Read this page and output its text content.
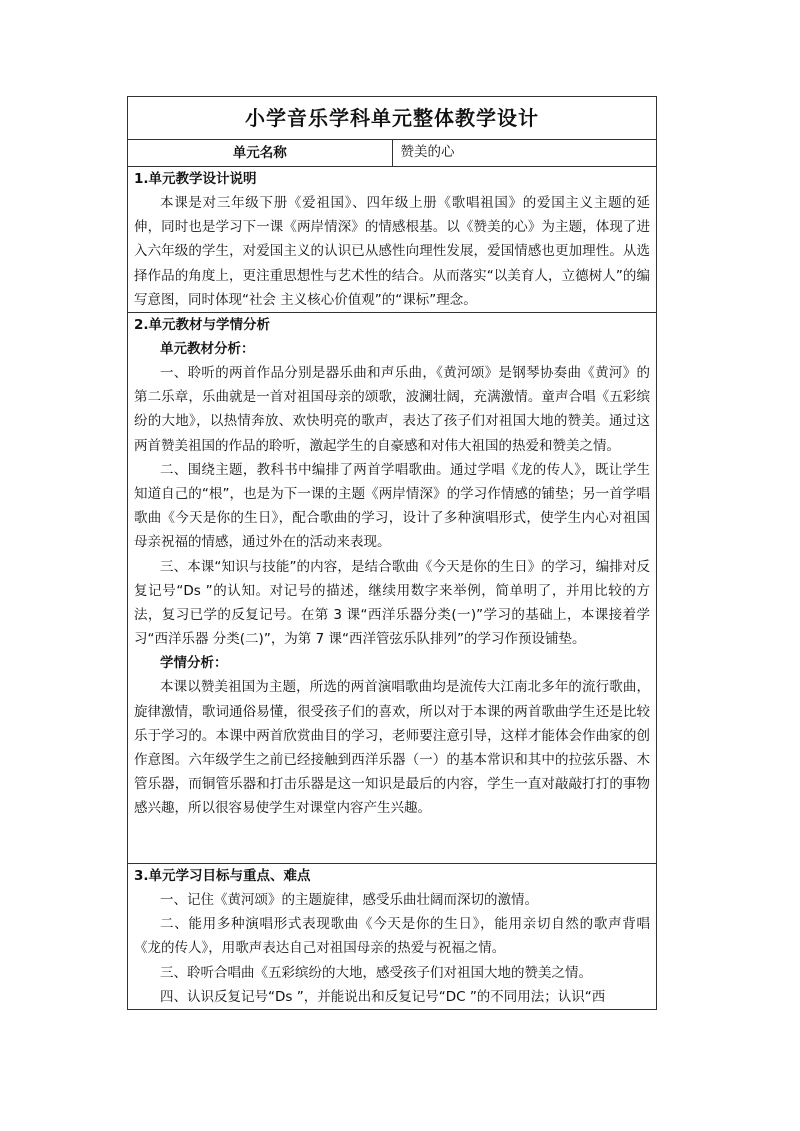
小学音乐学科单元整体教学设计
单元名称	赞美的心

1.单元教学设计说明

本课是对三年级下册《爱祖国》、四年级上册《歌唱祖国》的爱国主义主题的延伸，同时也是学习下一课《两岸情深》的情感根基。以《赞美的心》为主题，体现了进入六年级的学生，对爱国主义的认识已从感性向理性发展，爱国情感也更加理性。从选择作品的角度上，更注重思想性与艺术性的结合。从而落实“以美育人，立德树人”的编写意图，同时体现“社会 主义核心价值观”的“课标”理念。

2.单元教材与学情分析
单元教材分析：

一、聆听的两首作品分别是器乐曲和声乐曲，《黄河颂》是钢琴协奏曲《黄河》的第二乐章，乐曲就是一首对祖国母亲的颂歌，波澜壮阔，充满激情。童声合唱《五彩缤纷的大地》，以热情奔放、欢快明亮的歌声，表达了孩子们对祖国大地的赞美。通过这两首赞美祖国的作品的聆听，激起学生的自豪感和对伟大祖国的热爱和赞美之情。

二、围绕主题，教科书中编排了两首学唱歌曲。通过学唱《龙的传人》，既让学生知道自己的“根”，也是为下一课的主题《两岸情深》的学习作情感的铺垫；另一首学唱歌曲《今天是你的生日》，配合歌曲的学习，设计了多种演唱形式，使学生内心对祖国母亲祝福的情感，通过外在的活动来表现。

三、本课“知识与技能”的内容，是结合歌曲《今天是你的生日》的学习，编排对反复记号“Ds ”的认知。对记号的描述，继续用数字来举例，简单明了，并用比较的方法，复习已学的反复记号。在第 3 课“西洋乐器分类(一)”学习的基础上，本课接着学习“西洋乐器 分类(二)”，为第 7 课“西洋管弦乐队排列”的学习作预设铺垫。

学情分析：

本课以赞美祖国为主题，所选的两首演唱歌曲均是流传大江南北多年的流行歌曲，旋律激情，歌词通俗易懂，很受孩子们的喜欢，所以对于本课的两首歌曲学生还是比较乐于学习的。本课中两首欣赏曲目的学习，老师要注意引导，这样才能体会作曲家的创作意图。六年级学生之前已经接触到西洋乐器（一）的基本常识和其中的拉弦乐器、木管乐器，而铜管乐器和打击乐器是这一知识是最后的内容，学生一直对敲敲打打的事物感兴趣，所以很容易使学生对课堂内容产生兴趣。

3.单元学习目标与重点、难点

一、记住《黄河颂》的主题旋律，感受乐曲壮阔而深切的激情。

二、能用多种演唱形式表现歌曲《今天是你的生日》，能用亲切自然的歌声背唱《龙的传人》，用歌声表达自己对祖国母亲的热爱与祝福之情。

三、聆听合唱曲《五彩缤纷的大地，感受孩子们对祖国大地的赞美之情。

四、认识反复记号“Ds ”，并能说出和反复记号“DC ”的不同用法；认识“西
